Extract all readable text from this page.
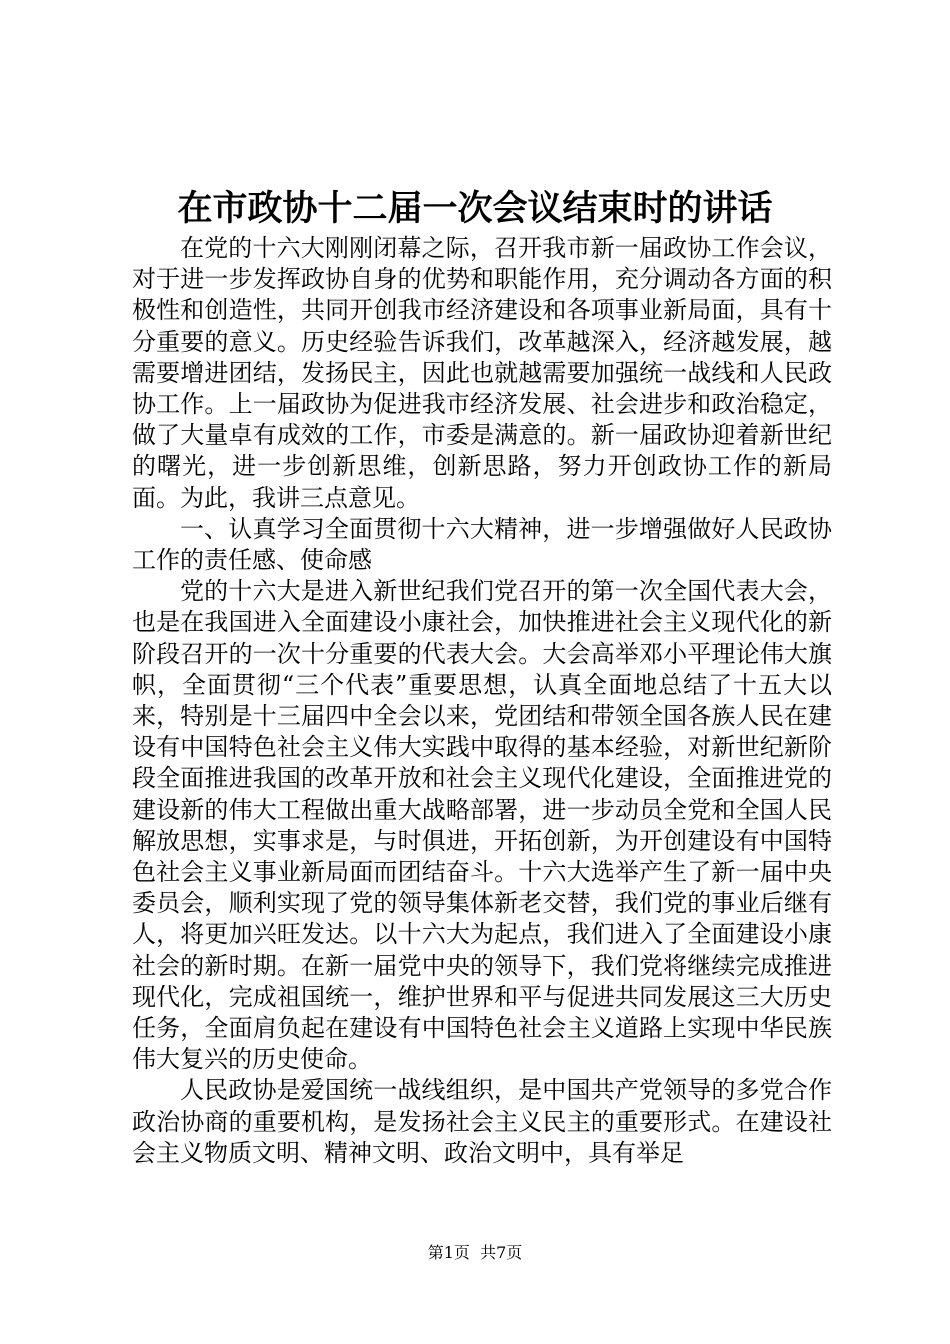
在市政协十二届一次会议结束时的讲话

在党的十六大刚刚闭幕之际，召开我市新一届政协工作会议，对于进一步发挥政协自身的优势和职能作用，充分调动各方面的积极性和创造性，共同开创我市经济建设和各项事业新局面，具有十分重要的意义。历史经验告诉我们，改革越深入，经济越发展，越需要增进团结，发扬民主，因此也就越需要加强统一战线和人民政协工作。上一届政协为促进我市经济发展、社会进步和政治稳定，做了大量卓有成效的工作，市委是满意的。新一届政协迎着新世纪的曙光，进一步创新思维，创新思路，努力开创政协工作的新局面。为此，我讲三点意见。

一、认真学习全面贯彻十六大精神，进一步增强做好人民政协工作的责任感、使命感

党的十六大是进入新世纪我们党召开的第一次全国代表大会，也是在我国进入全面建设小康社会，加快推进社会主义现代化的新阶段召开的一次十分重要的代表大会。大会高举邓小平理论伟大旗帜，全面贯彻“三个代表”重要思想，认真全面地总结了十五大以来，特别是十三届四中全会以来，党团结和带领全国各族人民在建设有中国特色社会主义伟大实践中取得的基本经验，对新世纪新阶段全面推进我国的改革开放和社会主义现代化建设，全面推进党的建设新的伟大工程做出重大战略部署，进一步动员全党和全国人民解放思想，实事求是，与时俱进，开拓创新，为开创建设有中国特色社会主义事业新局面而团结奋斗。十六大选举产生了新一届中央委员会，顺利实现了党的领导集体新老交替，我们党的事业后继有人，将更加兴旺发达。以十六大为起点，我们进入了全面建设小康社会的新时期。在新一届党中央的领导下，我们党将继续完成推进现代化，完成祖国统一，维护世界和平与促进共同发展这三大历史任务，全面肩负起在建设有中国特色社会主义道路上实现中华民族伟大复兴的历史使命。

人民政协是爱国统一战线组织，是中国共产党领导的多党合作政治协商的重要机构，是发扬社会主义民主的重要形式。在建设社会主义物质文明、精神文明、政治文明中，具有举足

第1页  共7页
